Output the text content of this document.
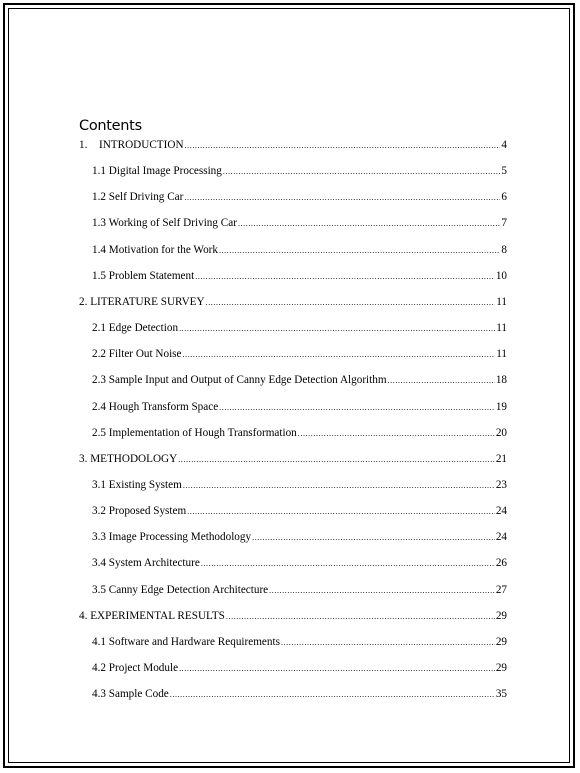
Contents
1.	INTRODUCTION .....	4
1.1 Digital Image Processing .....	5
1.2 Self Driving Car .....	6
1.3 Working of Self Driving Car .....	7
1.4 Motivation for the Work .....	8
1.5 Problem Statement .....	10
2. LITERATURE SURVEY .....	11
2.1 Edge Detection .....	11
2.2 Filter Out Noise .....	11
2.3 Sample Input and Output of Canny Edge Detection Algorithm .....	18
2.4 Hough Transform Space .....	19
2.5 Implementation of Hough Transformation .....	20
3. METHODOLOGY .....	21
3.1 Existing System .....	23
3.2 Proposed System .....	24
3.3 Image Processing Methodology .....	24
3.4 System Architecture .....	26
3.5 Canny Edge Detection Architecture .....	27
4. EXPERIMENTAL RESULTS .....	29
4.1 Software and Hardware Requirements .....	29
4.2 Project Module .....	29
4.3 Sample Code .....	35
